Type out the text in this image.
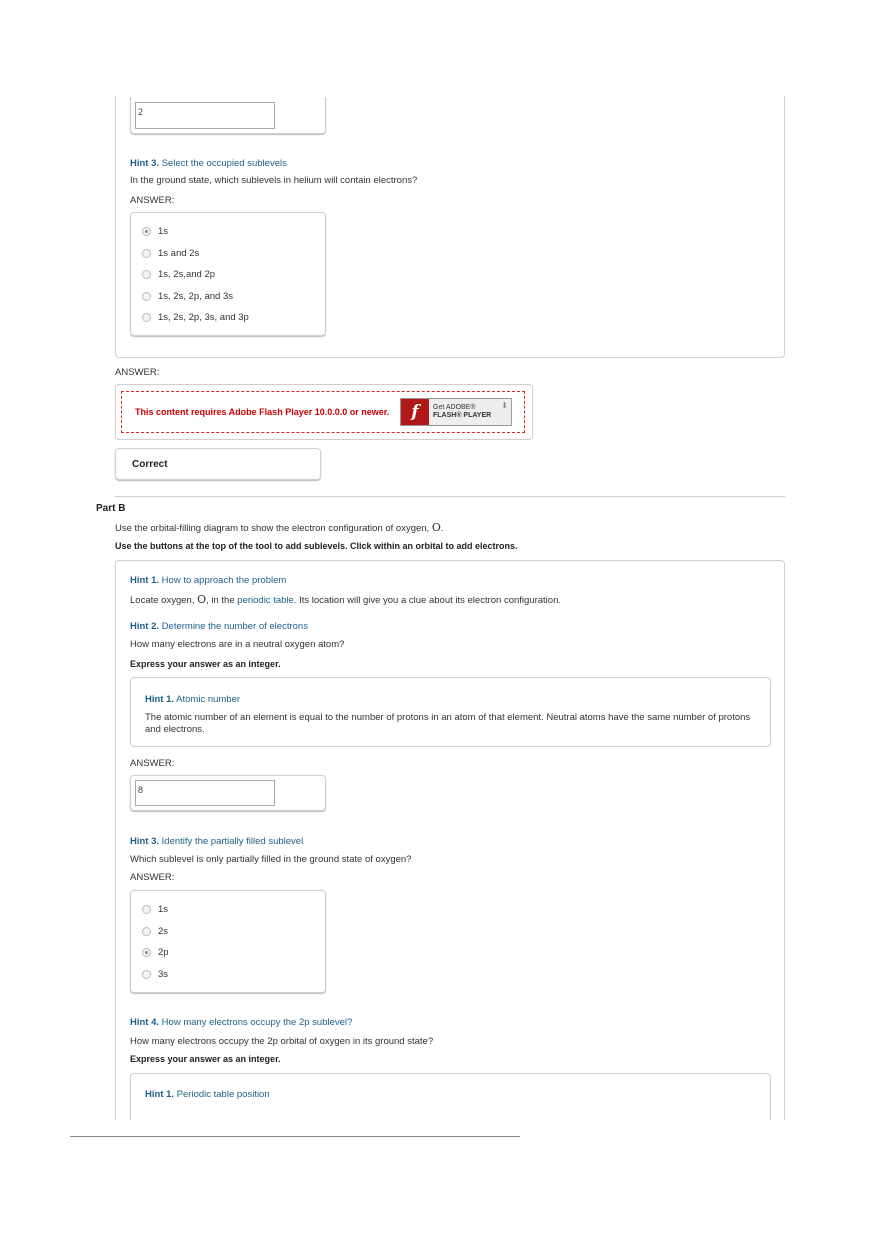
2
Hint 3. Select the occupied sublevels
In the ground state, which sublevels in helium will contain electrons?
ANSWER:
1s
1s and 2s
1s, 2s,and 2p
1s, 2s, 2p, and 3s
1s, 2s, 2p, 3s, and 3p
ANSWER:
This content requires Adobe Flash Player 10.0.0.0 or newer.	f	Get ADOBE®
FLASH® PLAYER
⬇
Correct
Part B
Use the orbital-filling diagram to show the electron configuration of oxygen, O.
Use the buttons at the top of the tool to add sublevels. Click within an orbital to add electrons.
Hint 1. How to approach the problem
Locate oxygen, O, in the periodic table. Its location will give you a clue about its electron configuration.
Hint 2. Determine the number of electrons
How many electrons are in a neutral oxygen atom?
Express your answer as an integer.
Hint 1. Atomic number
The atomic number of an element is equal to the number of protons in an atom of that element. Neutral atoms have the same number of protons and electrons.
ANSWER:
8
Hint 3. Identify the partially filled sublevel
Which sublevel is only partially filled in the ground state of oxygen?
ANSWER:
1s
2s
2p
3s
Hint 4. How many electrons occupy the 2p sublevel?
How many electrons occupy the 2p orbital of oxygen in its ground state?
Express your answer as an integer.
Hint 1. Periodic table position
